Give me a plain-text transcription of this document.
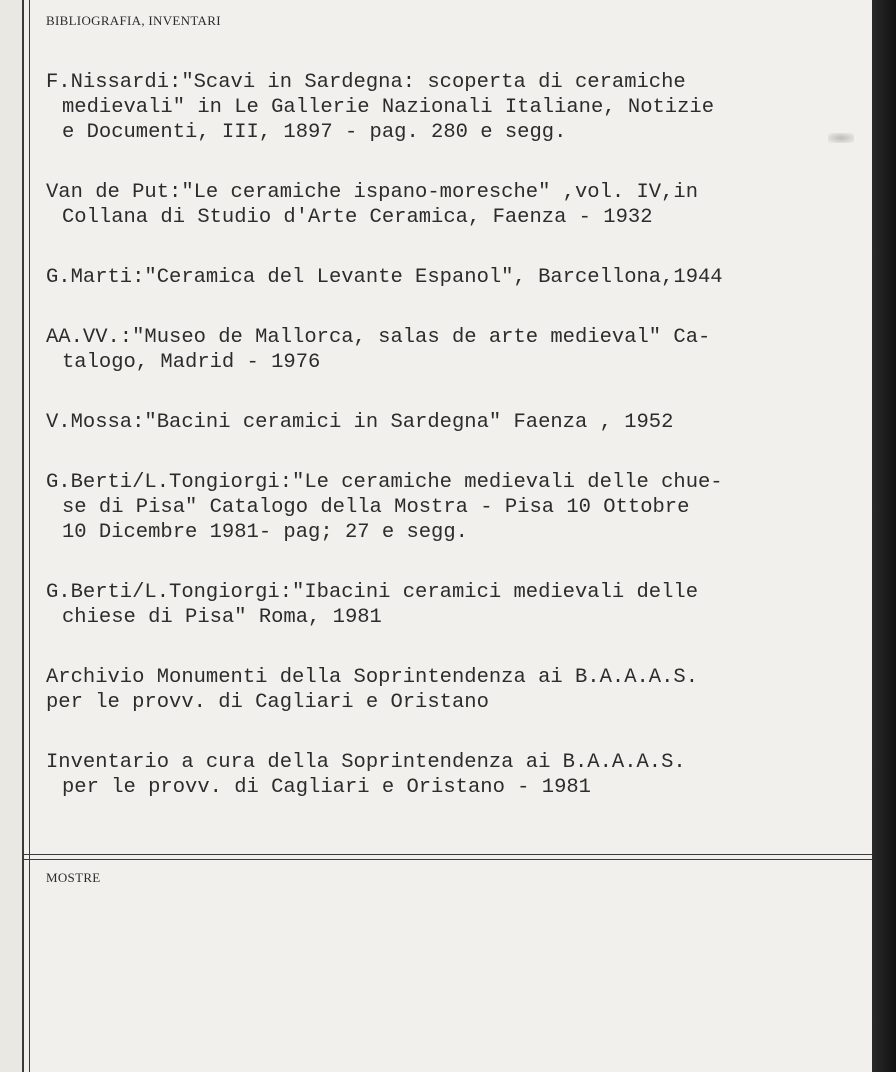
BIBLIOGRAFIA, INVENTARI

F.Nissardi:"Scavi in Sardegna: scoperta di ceramiche
medievali" in Le Gallerie Nazionali Italiane, Notizie
e Documenti, III, 1897 - pag. 280 e segg.
Van de Put:"Le ceramiche ispano-moresche" ,vol. IV,in
Collana di Studio d'Arte Ceramica, Faenza - 1932
G.Marti:"Ceramica del Levante Espanol", Barcellona,1944
AA.VV.:"Museo de Mallorca, salas de arte medieval" Ca-
talogo, Madrid - 1976
V.Mossa:"Bacini ceramici in Sardegna" Faenza , 1952
G.Berti/L.Tongiorgi:"Le ceramiche medievali delle chue-
se di Pisa" Catalogo della Mostra - Pisa 10 Ottobre
10 Dicembre 1981- pag; 27 e segg.
G.Berti/L.Tongiorgi:"Ibacini ceramici medievali delle
chiese di Pisa" Roma, 1981
Archivio Monumenti della Soprintendenza ai B.A.A.A.S.
per le provv. di Cagliari e Oristano
Inventario a cura della Soprintendenza ai B.A.A.A.S.
per le provv. di Cagliari e Oristano - 1981

MOSTRE
